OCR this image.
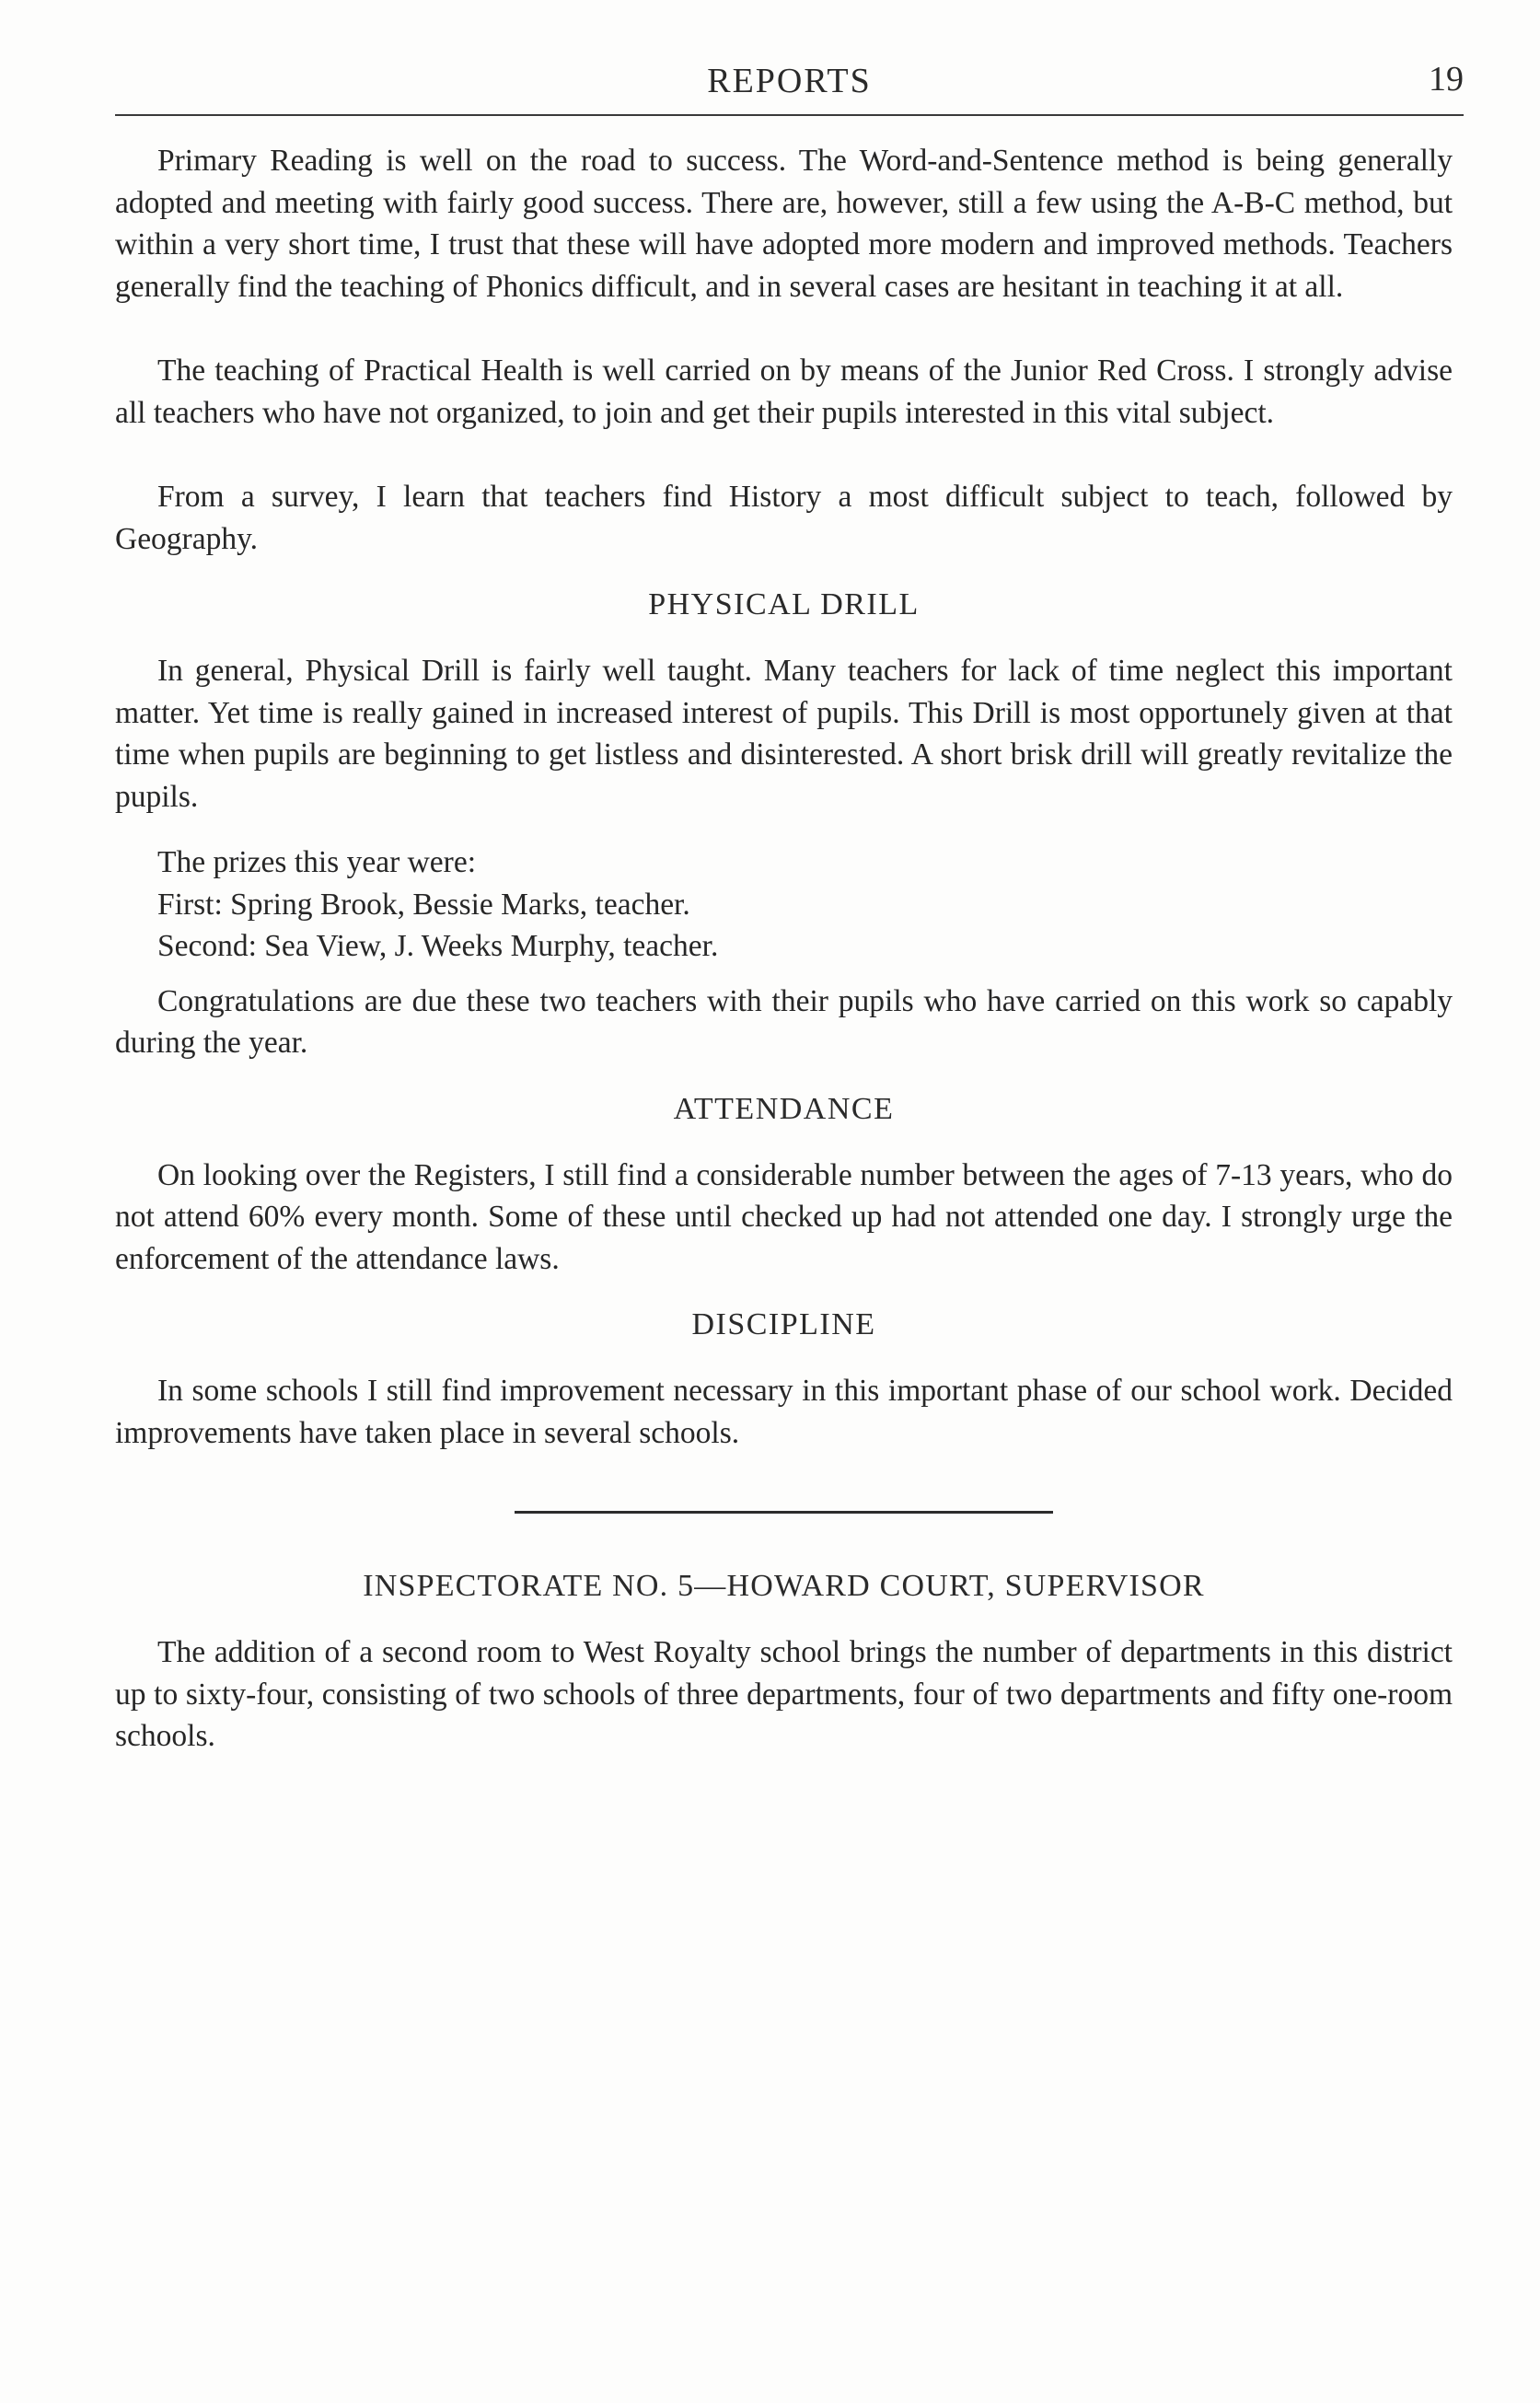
REPORTS	19

Primary Reading is well on the road to success. The Word-and-Sentence method is being generally adopted and meeting with fairly good success. There are, however, still a few using the A-B-C method, but within a very short time, I trust that these will have adopted more modern and improved methods. Teachers generally find the teaching of Phonics difficult, and in several cases are hesitant in teaching it at all.

The teaching of Practical Health is well carried on by means of the Junior Red Cross. I strongly advise all teachers who have not organized, to join and get their pupils interested in this vital subject.

From a survey, I learn that teachers find History a most difficult subject to teach, followed by Geography.

PHYSICAL DRILL

In general, Physical Drill is fairly well taught. Many teachers for lack of time neglect this important matter. Yet time is really gained in increased interest of pupils. This Drill is most opportunely given at that time when pupils are beginning to get listless and disinterested. A short brisk drill will greatly revitalize the pupils.

The prizes this year were:
First: Spring Brook, Bessie Marks, teacher.
Second: Sea View, J. Weeks Murphy, teacher.

Congratulations are due these two teachers with their pupils who have carried on this work so capably during the year.

ATTENDANCE

On looking over the Registers, I still find a considerable number between the ages of 7-13 years, who do not attend 60% every month. Some of these until checked up had not attended one day. I strongly urge the enforcement of the attendance laws.

DISCIPLINE

In some schools I still find improvement necessary in this important phase of our school work. Decided improvements have taken place in several schools.

INSPECTORATE NO. 5—HOWARD COURT, SUPERVISOR

The addition of a second room to West Royalty school brings the number of departments in this district up to sixty-four, consisting of two schools of three departments, four of two departments and fifty one-room schools.
